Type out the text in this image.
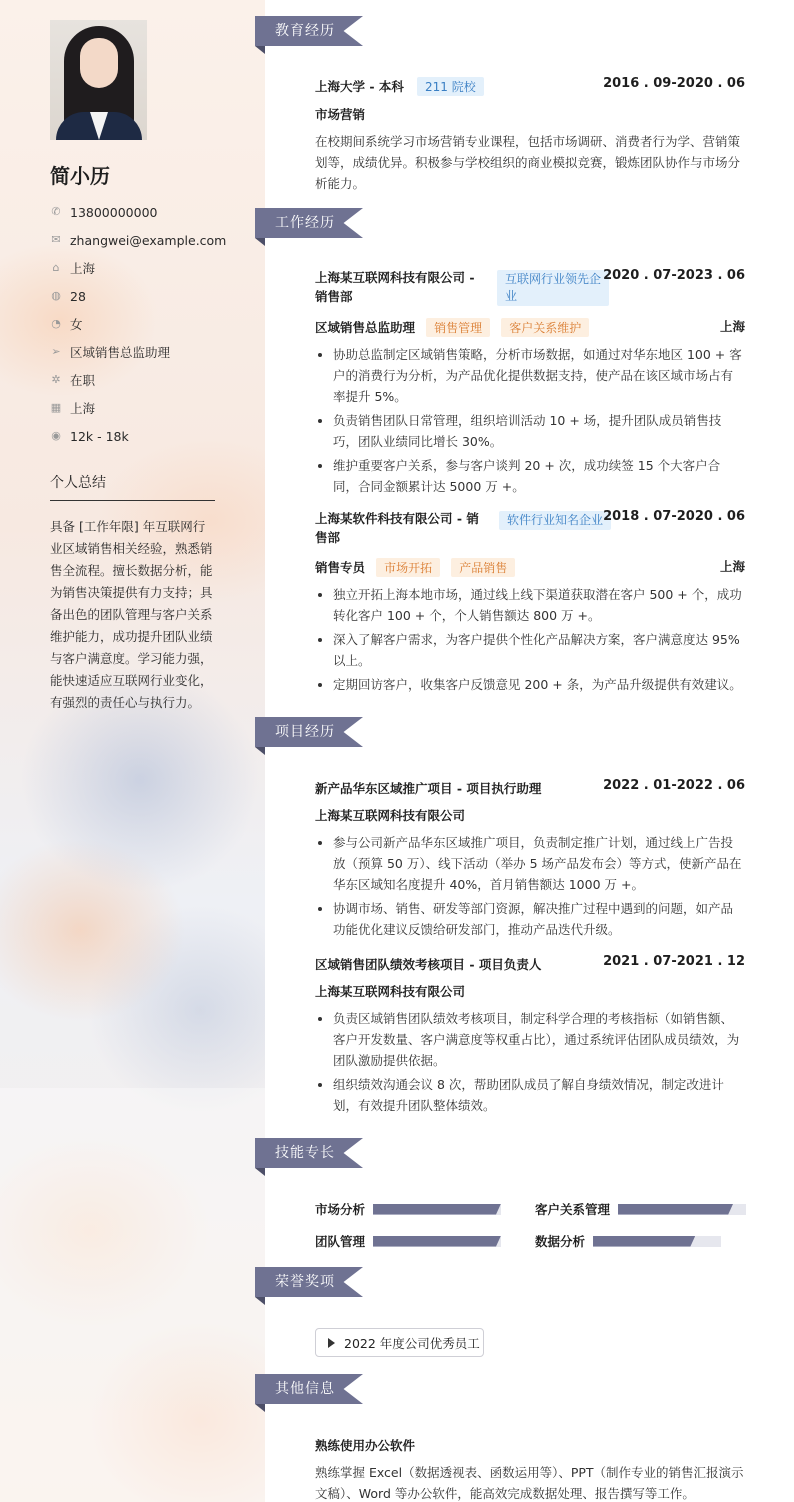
简小历
✆ 13800000000
✉ zhangwei@example.com
⌂ 上海
◍ 28
◔ 女
➢ 区域销售总监助理
✲ 在职
▦ 上海
◉ 12k - 18k
个人总结
具备 [工作年限] 年互联网行业区域销售相关经验，熟悉销售全流程。擅长数据分析，能为销售决策提供有力支持；具备出色的团队管理与客户关系维护能力，成功提升团队业绩与客户满意度。学习能力强，能快速适应互联网行业变化，有强烈的责任心与执行力。
教育经历
上海大学 - 本科 211 院校	2016 . 09-2020 . 06
市场营销
在校期间系统学习市场营销专业课程，包括市场调研、消费者行为学、营销策划等，成绩优异。积极参与学校组织的商业模拟竞赛，锻炼团队协作与市场分析能力。
工作经历
上海某互联网科技有限公司 - 销售部
互联网行业领先企业
2020 . 07-2023 . 06
区域销售总监助理 销售管理 客户关系维护	上海
协助总监制定区域销售策略，分析市场数据，如通过对华东地区 100 + 客户的消费行为分析，为产品优化提供数据支持，使产品在该区域市场占有率提升 5%。
负责销售团队日常管理，组织培训活动 10 + 场，提升团队成员销售技巧，团队业绩同比增长 30%。
维护重要客户关系，参与客户谈判 20 + 次，成功续签 15 个大客户合同，合同金额累计达 5000 万 +。
上海某软件科技有限公司 - 销售部
软件行业知名企业 2018 . 07-2020 . 06
销售专员 市场开拓 产品销售	上海
独立开拓上海本地市场，通过线上线下渠道获取潜在客户 500 + 个，成功转化客户 100 + 个，个人销售额达 800 万 +。
深入了解客户需求，为客户提供个性化产品解决方案，客户满意度达 95%以上。
定期回访客户，收集客户反馈意见 200 + 条，为产品升级提供有效建议。
项目经历
新产品华东区域推广项目 - 项目执行助理	2022 . 01-2022 . 06
上海某互联网科技有限公司
参与公司新产品华东区域推广项目，负责制定推广计划，通过线上广告投放（预算 50 万）、线下活动（举办 5 场产品发布会）等方式，使新产品在华东区域知名度提升 40%，首月销售额达 1000 万 +。
协调市场、销售、研发等部门资源，解决推广过程中遇到的问题，如产品功能优化建议反馈给研发部门，推动产品迭代升级。
区域销售团队绩效考核项目 - 项目负责人	2021 . 07-2021 . 12
上海某互联网科技有限公司
负责区域销售团队绩效考核项目，制定科学合理的考核指标（如销售额、客户开发数量、客户满意度等权重占比），通过系统评估团队成员绩效，为团队激励提供依据。
组织绩效沟通会议 8 次，帮助团队成员了解自身绩效情况，制定改进计划，有效提升团队整体绩效。
技能专长
市场分析	客户关系管理
团队管理	数据分析
荣誉奖项
2022 年度公司优秀员工
其他信息
熟练使用办公软件
熟练掌握 Excel（数据透视表、函数运用等）、PPT（制作专业的销售汇报演示文稿）、Word 等办公软件，能高效完成数据处理、报告撰写等工作。
